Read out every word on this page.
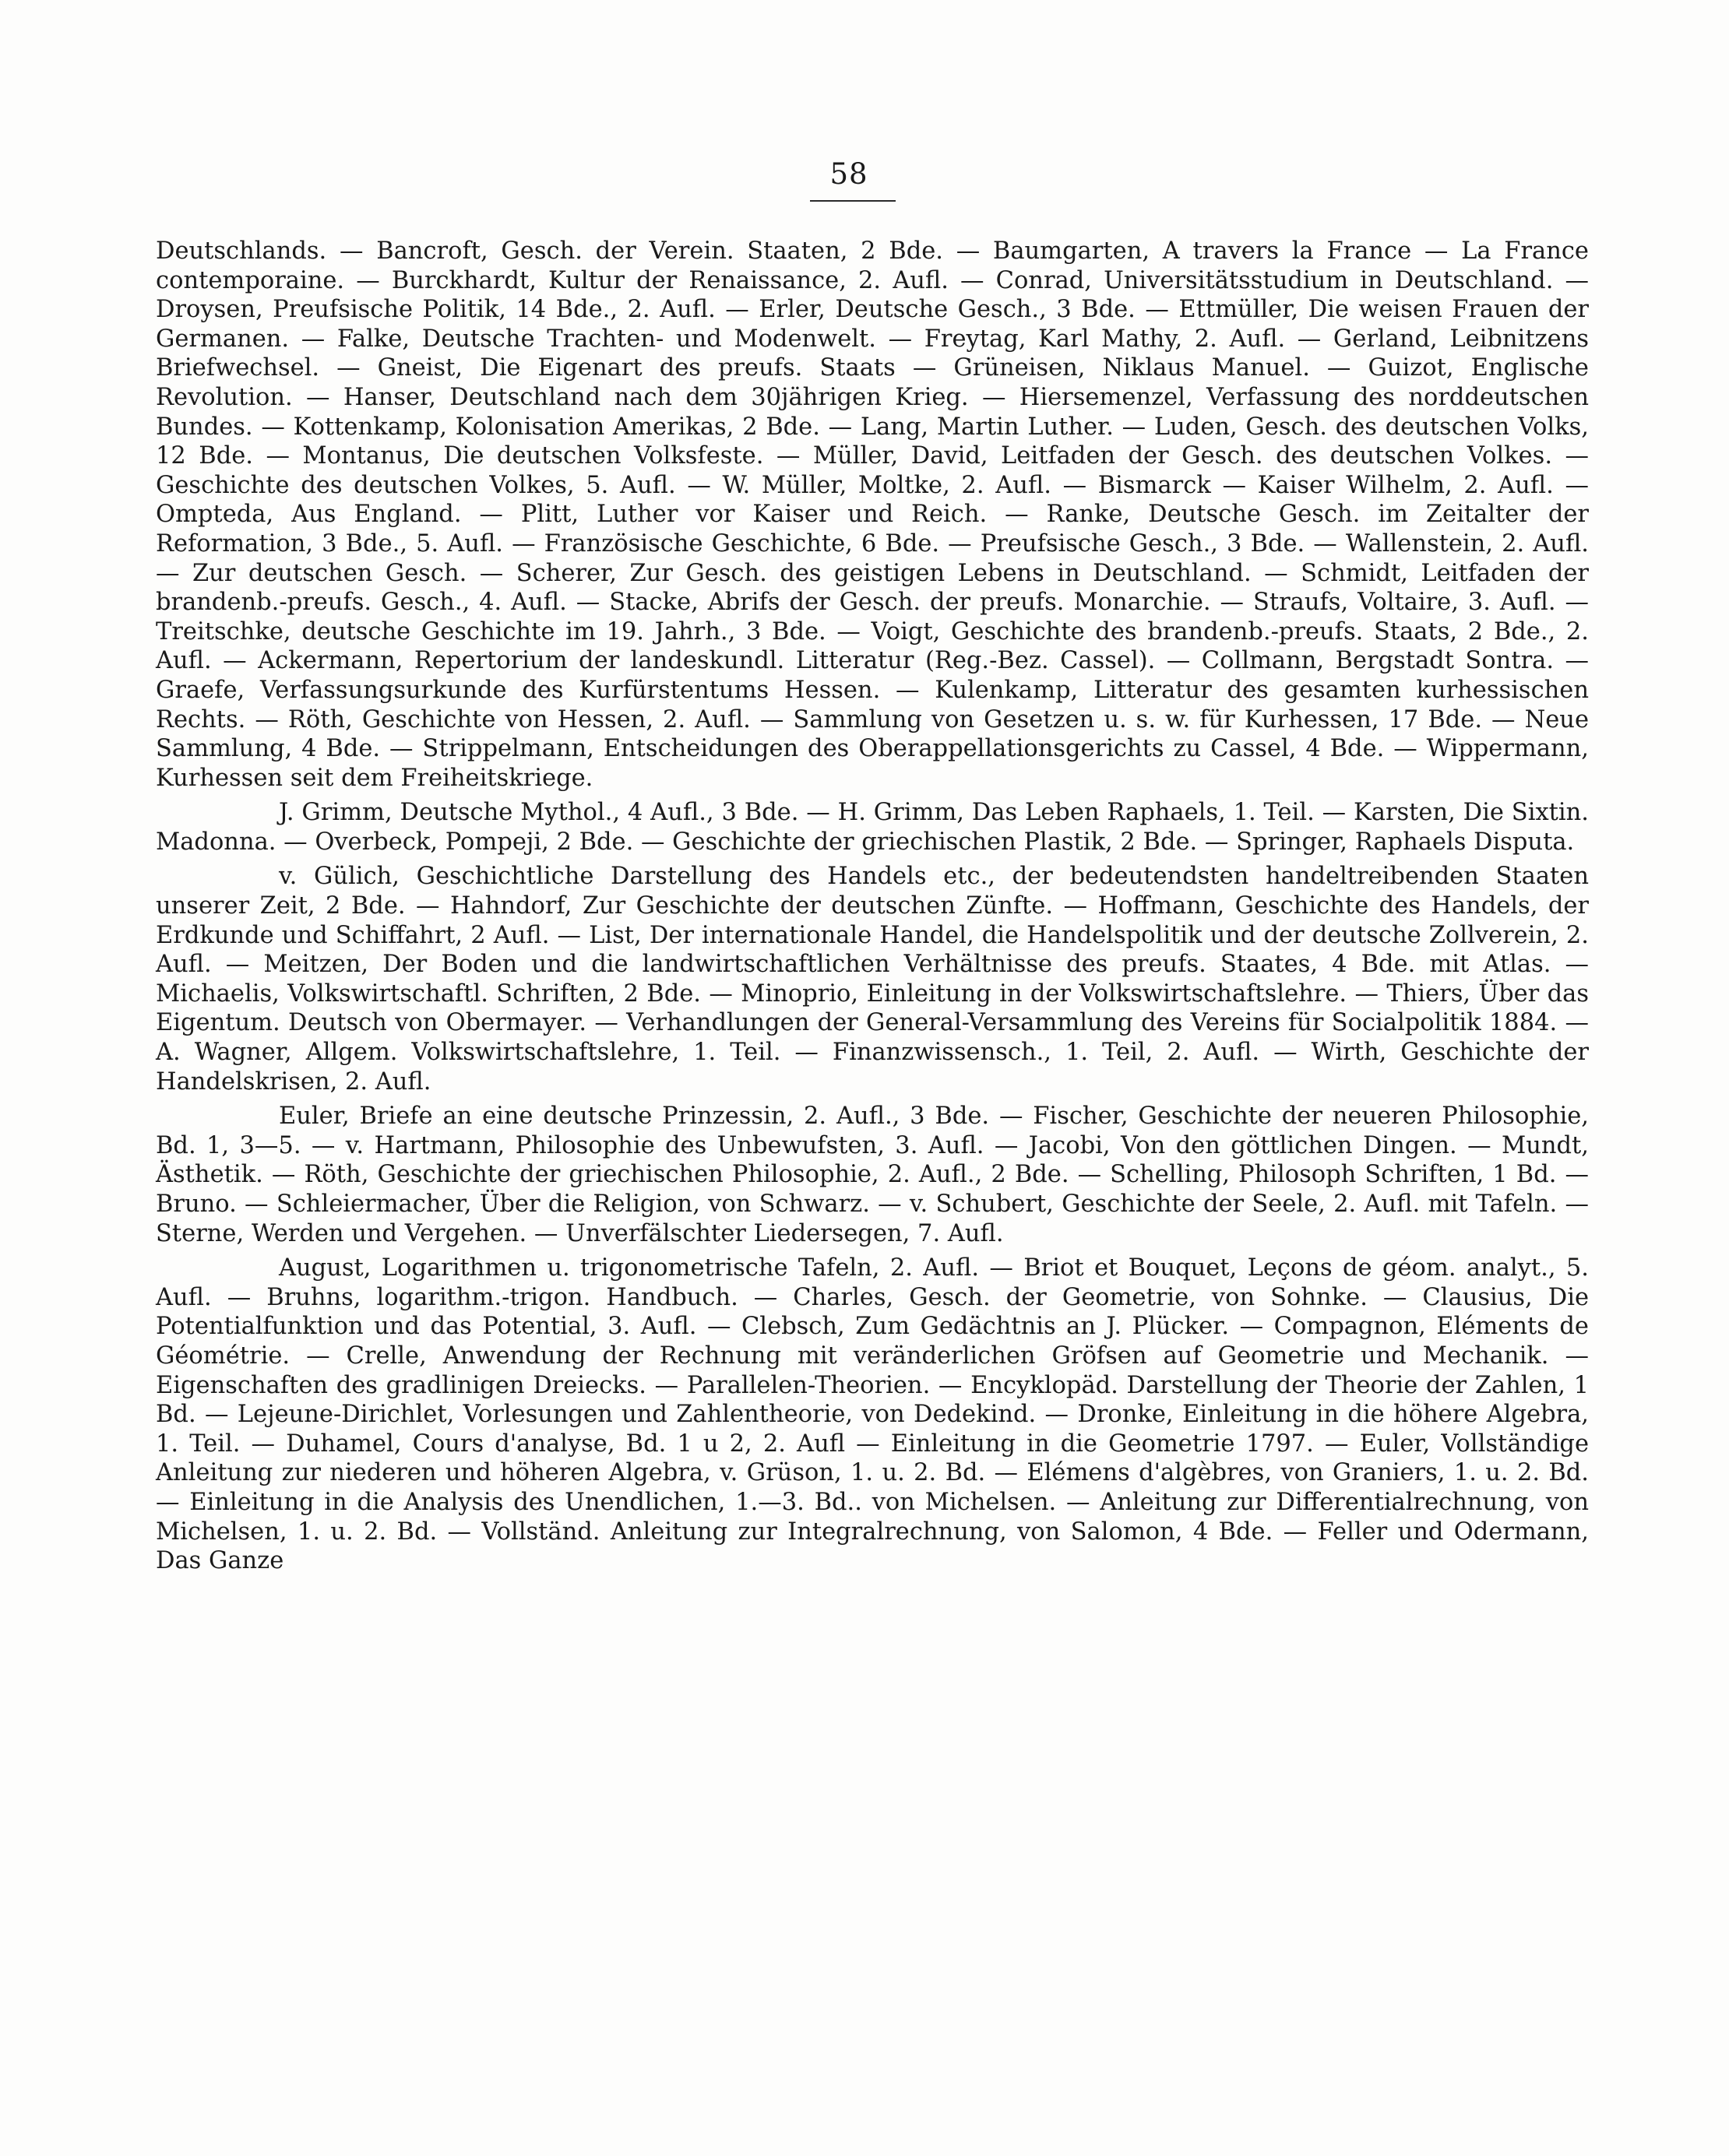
58

Deutschlands. — Bancroft, Gesch. der Verein. Staaten, 2 Bde. — Baumgarten, A travers la France — La France contemporaine. — Burckhardt, Kultur der Renaissance, 2. Aufl. — Conrad, Universitätsstudium in Deutschland. — Droysen, Preufsische Politik, 14 Bde., 2. Aufl. — Erler, Deutsche Gesch., 3 Bde. — Ettmüller, Die weisen Frauen der Germanen. — Falke, Deutsche Trachten- und Modenwelt. — Freytag, Karl Mathy, 2. Aufl. — Gerland, Leibnitzens Briefwechsel. — Gneist, Die Eigenart des preufs. Staats — Grüneisen, Niklaus Manuel. — Guizot, Englische Revolution. — Hanser, Deutschland nach dem 30jährigen Krieg. — Hiersemenzel, Verfassung des norddeutschen Bundes. — Kottenkamp, Kolonisation Amerikas, 2 Bde. — Lang, Martin Luther. — Luden, Gesch. des deutschen Volks, 12 Bde. — Montanus, Die deutschen Volksfeste. — Müller, David, Leitfaden der Gesch. des deutschen Volkes. — Geschichte des deutschen Volkes, 5. Aufl. — W. Müller, Moltke, 2. Aufl. — Bismarck — Kaiser Wilhelm, 2. Aufl. — Ompteda, Aus England. — Plitt, Luther vor Kaiser und Reich. — Ranke, Deutsche Gesch. im Zeitalter der Reformation, 3 Bde., 5. Aufl. — Französische Geschichte, 6 Bde. — Preufsische Gesch., 3 Bde. — Wallenstein, 2. Aufl. — Zur deutschen Gesch. — Scherer, Zur Gesch. des geistigen Lebens in Deutschland. — Schmidt, Leitfaden der brandenb.-preufs. Gesch., 4. Aufl. — Stacke, Abrifs der Gesch. der preufs. Monarchie. — Straufs, Voltaire, 3. Aufl. — Treitschke, deutsche Geschichte im 19. Jahrh., 3 Bde. — Voigt, Geschichte des brandenb.-preufs. Staats, 2 Bde., 2. Aufl. — Ackermann, Repertorium der landeskundl. Litteratur (Reg.-Bez. Cassel). — Collmann, Bergstadt Sontra. — Graefe, Verfassungsurkunde des Kurfürstentums Hessen. — Kulenkamp, Litteratur des gesamten kurhessischen Rechts. — Röth, Geschichte von Hessen, 2. Aufl. — Sammlung von Gesetzen u. s. w. für Kurhessen, 17 Bde. — Neue Sammlung, 4 Bde. — Strippelmann, Entscheidungen des Oberappellationsgerichts zu Cassel, 4 Bde. — Wippermann, Kurhessen seit dem Freiheitskriege.

J. Grimm, Deutsche Mythol., 4 Aufl., 3 Bde. — H. Grimm, Das Leben Raphaels, 1. Teil. — Karsten, Die Sixtin. Madonna. — Overbeck, Pompeji, 2 Bde. — Geschichte der griechischen Plastik, 2 Bde. — Springer, Raphaels Disputa.

v. Gülich, Geschichtliche Darstellung des Handels etc., der bedeutendsten handeltreibenden Staaten unserer Zeit, 2 Bde. — Hahndorf, Zur Geschichte der deutschen Zünfte. — Hoffmann, Geschichte des Handels, der Erdkunde und Schiffahrt, 2 Aufl. — List, Der internationale Handel, die Handelspolitik und der deutsche Zollverein, 2. Aufl. — Meitzen, Der Boden und die landwirtschaftlichen Verhältnisse des preufs. Staates, 4 Bde. mit Atlas. — Michaelis, Volkswirtschaftl. Schriften, 2 Bde. — Minoprio, Einleitung in der Volkswirtschaftslehre. — Thiers, Über das Eigentum. Deutsch von Obermayer. — Verhandlungen der General-Versammlung des Vereins für Socialpolitik 1884. — A. Wagner, Allgem. Volkswirtschaftslehre, 1. Teil. — Finanzwissensch., 1. Teil, 2. Aufl. — Wirth, Geschichte der Handelskrisen, 2. Aufl.

Euler, Briefe an eine deutsche Prinzessin, 2. Aufl., 3 Bde. — Fischer, Geschichte der neueren Philosophie, Bd. 1, 3—5. — v. Hartmann, Philosophie des Unbewufsten, 3. Aufl. — Jacobi, Von den göttlichen Dingen. — Mundt, Ästhetik. — Röth, Geschichte der griechischen Philosophie, 2. Aufl., 2 Bde. — Schelling, Philosoph Schriften, 1 Bd. — Bruno. — Schleiermacher, Über die Religion, von Schwarz. — v. Schubert, Geschichte der Seele, 2. Aufl. mit Tafeln. — Sterne, Werden und Vergehen. — Unverfälschter Liedersegen, 7. Aufl.

August, Logarithmen u. trigonometrische Tafeln, 2. Aufl. — Briot et Bouquet, Leçons de géom. analyt., 5. Aufl. — Bruhns, logarithm.-trigon. Handbuch. — Charles, Gesch. der Geometrie, von Sohnke. — Clausius, Die Potentialfunktion und das Potential, 3. Aufl. — Clebsch, Zum Gedächtnis an J. Plücker. — Compagnon, Eléments de Géométrie. — Crelle, Anwendung der Rechnung mit veränderlichen Gröfsen auf Geometrie und Mechanik. — Eigenschaften des gradlinigen Dreiecks. — Parallelen-Theorien. — Encyklopäd. Darstellung der Theorie der Zahlen, 1 Bd. — Lejeune-Dirichlet, Vorlesungen und Zahlentheorie, von Dedekind. — Dronke, Einleitung in die höhere Algebra, 1. Teil. — Duhamel, Cours d'analyse, Bd. 1 u 2, 2. Aufl — Einleitung in die Geometrie 1797. — Euler, Vollständige Anleitung zur niederen und höheren Algebra, v. Grüson, 1. u. 2. Bd. — Elémens d'algèbres, von Graniers, 1. u. 2. Bd. — Einleitung in die Analysis des Unendlichen, 1.—3. Bd.. von Michelsen. — Anleitung zur Differentialrechnung, von Michelsen, 1. u. 2. Bd. — Vollständ. Anleitung zur Integralrechnung, von Salomon, 4 Bde. — Feller und Odermann, Das Ganze
